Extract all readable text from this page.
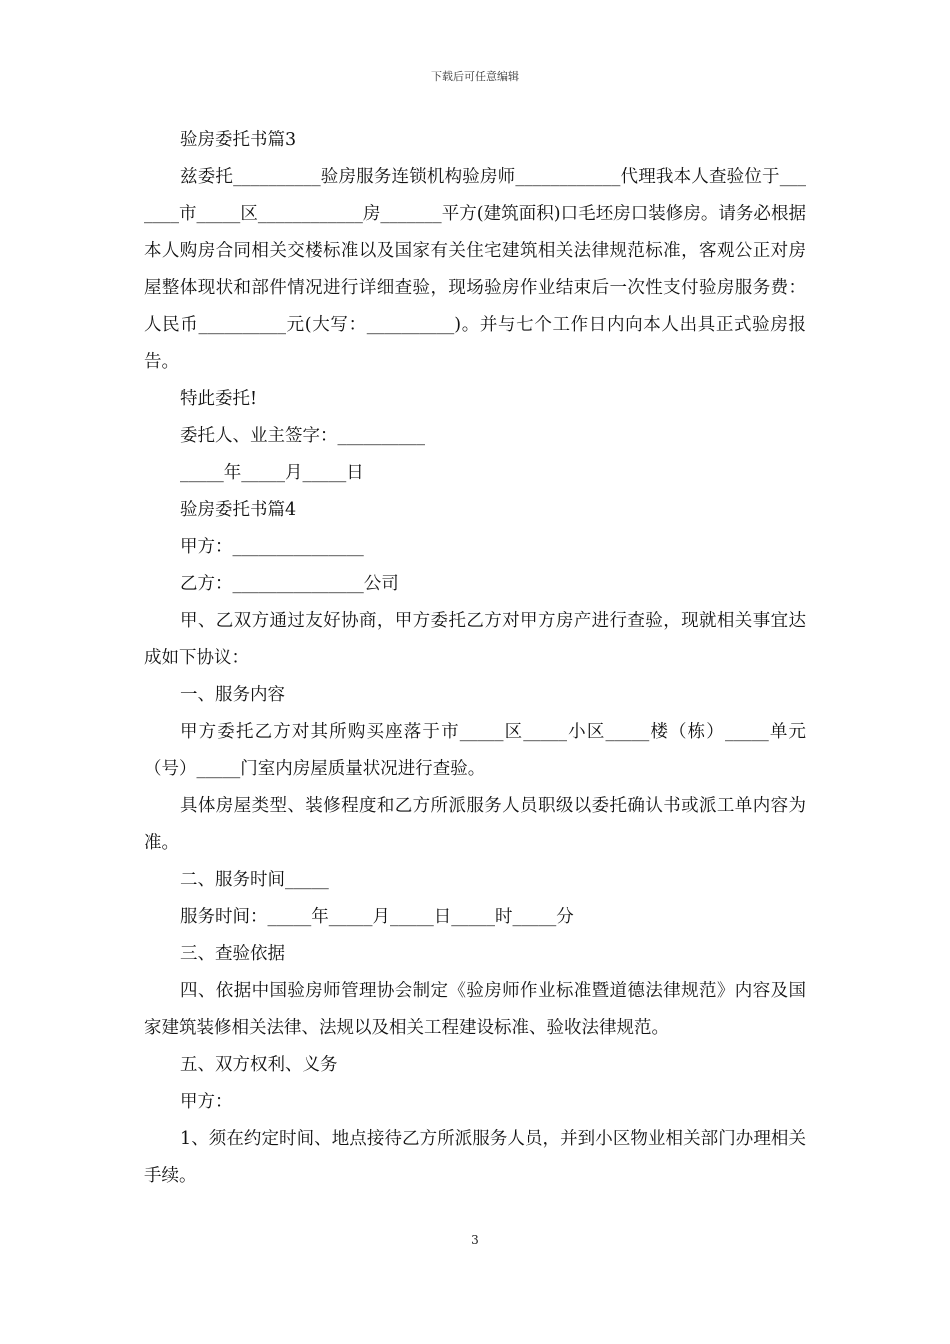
下载后可任意编辑

验房委托书篇3

兹委托__________验房服务连锁机构验房师____________代理我本人查验位于_______市_____区____________房_______平方(建筑面积)口毛坯房口装修房。请务必根据本人购房合同相关交楼标准以及国家有关住宅建筑相关法律规范标准，客观公正对房屋整体现状和部件情况进行详细查验，现场验房作业结束后一次性支付验房服务费：人民币__________元(大写：__________)。并与七个工作日内向本人出具正式验房报告。

特此委托!

委托人、业主签字：__________

_____年_____月_____日

验房委托书篇4

甲方：_______________

乙方：_______________公司

甲、乙双方通过友好协商，甲方委托乙方对甲方房产进行查验，现就相关事宜达成如下协议：

一、服务内容

甲方委托乙方对其所购买座落于市_____区_____小区_____楼（栋）_____单元（号）_____门室内房屋质量状况进行查验。

具体房屋类型、装修程度和乙方所派服务人员职级以委托确认书或派工单内容为准。

二、服务时间_____

服务时间：_____年_____月_____日_____时_____分

三、查验依据

四、依据中国验房师管理协会制定《验房师作业标准暨道德法律规范》内容及国家建筑装修相关法律、法规以及相关工程建设标准、验收法律规范。

五、双方权利、义务

甲方：

1、须在约定时间、地点接待乙方所派服务人员，并到小区物业相关部门办理相关手续。

3
